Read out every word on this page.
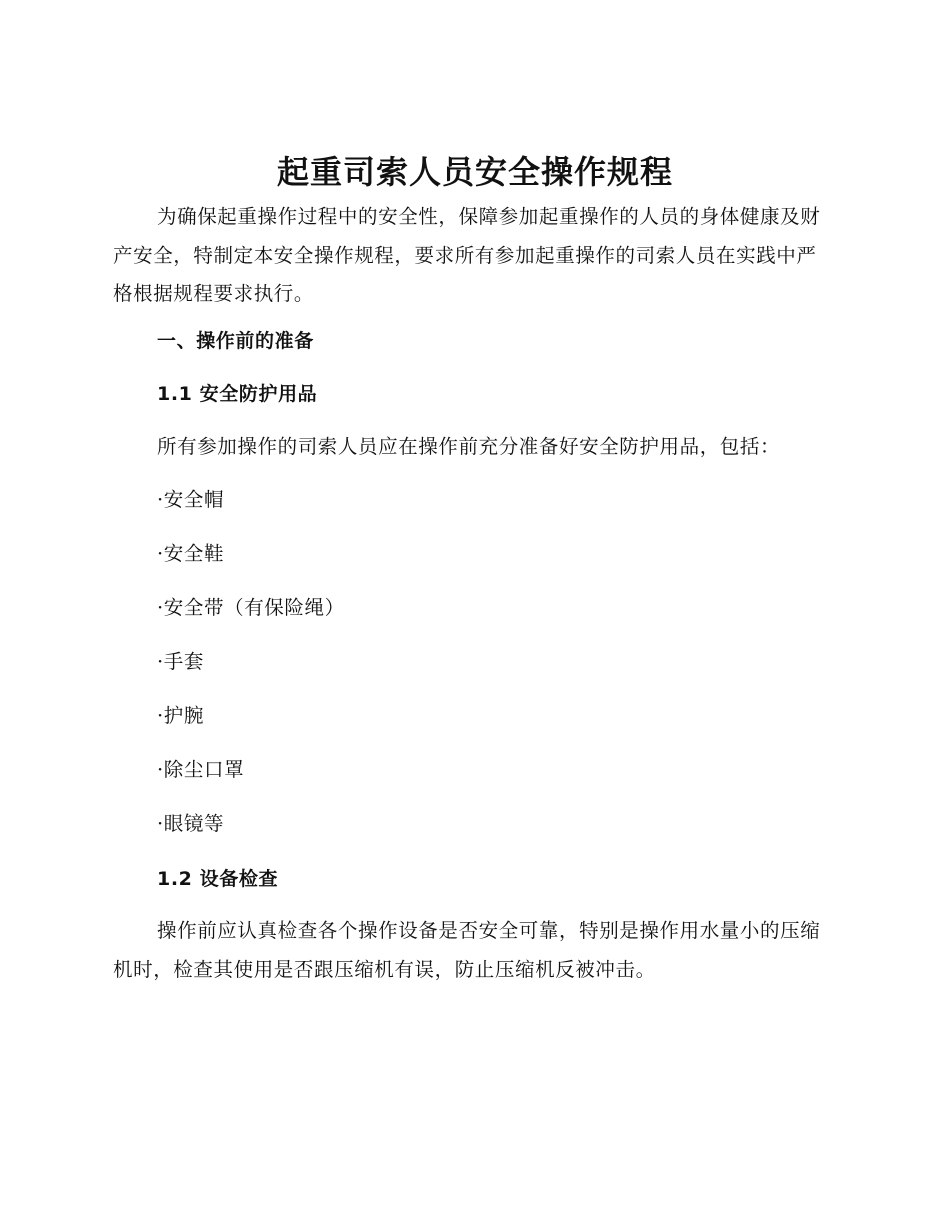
起重司索人员安全操作规程

为确保起重操作过程中的安全性，保障参加起重操作的人员的身体健康及财产安全，特制定本安全操作规程，要求所有参加起重操作的司索人员在实践中严格根据规程要求执行。

一、操作前的准备
1.1 安全防护用品
所有参加操作的司索人员应在操作前充分准备好安全防护用品，包括：
·安全帽
·安全鞋
·安全带（有保险绳）
·手套
·护腕
·除尘口罩
·眼镜等
1.2 设备检查

操作前应认真检查各个操作设备是否安全可靠，特别是操作用水量小的压缩机时，检查其使用是否跟压缩机有误，防止压缩机反被冲击。
